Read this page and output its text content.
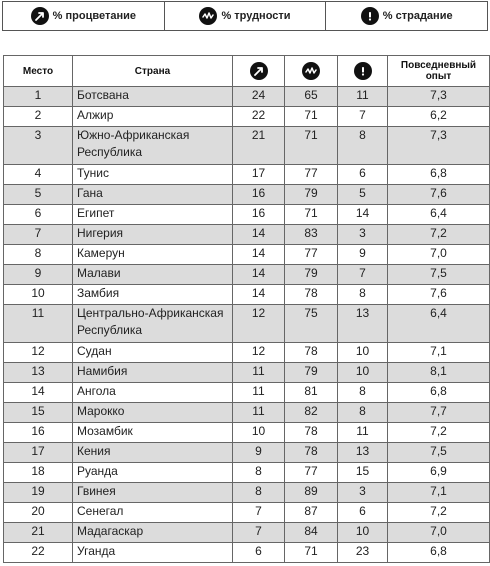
% процветание	% трудности	% страдание
Место	Страна				Повседневный опыт
1	Ботсвана	24	65	11	7,3
2	Алжир	22	71	7	6,2
3	Южно-Африканская Республика	21	71	8	7,3
4	Тунис	17	77	6	6,8
5	Гана	16	79	5	7,6
6	Египет	16	71	14	6,4
7	Нигерия	14	83	3	7,2
8	Камерун	14	77	9	7,0
9	Малави	14	79	7	7,5
10	Замбия	14	78	8	7,6
11	Центрально-Африканская Республика	12	75	13	6,4
12	Судан	12	78	10	7,1
13	Намибия	11	79	10	8,1
14	Ангола	11	81	8	6,8
15	Марокко	11	82	8	7,7
16	Мозамбик	10	78	11	7,2
17	Кения	9	78	13	7,5
18	Руанда	8	77	15	6,9
19	Гвинея	8	89	3	7,1
20	Сенегал	7	87	6	7,2
21	Мадагаскар	7	84	10	7,0
22	Уганда	6	71	23	6,8
